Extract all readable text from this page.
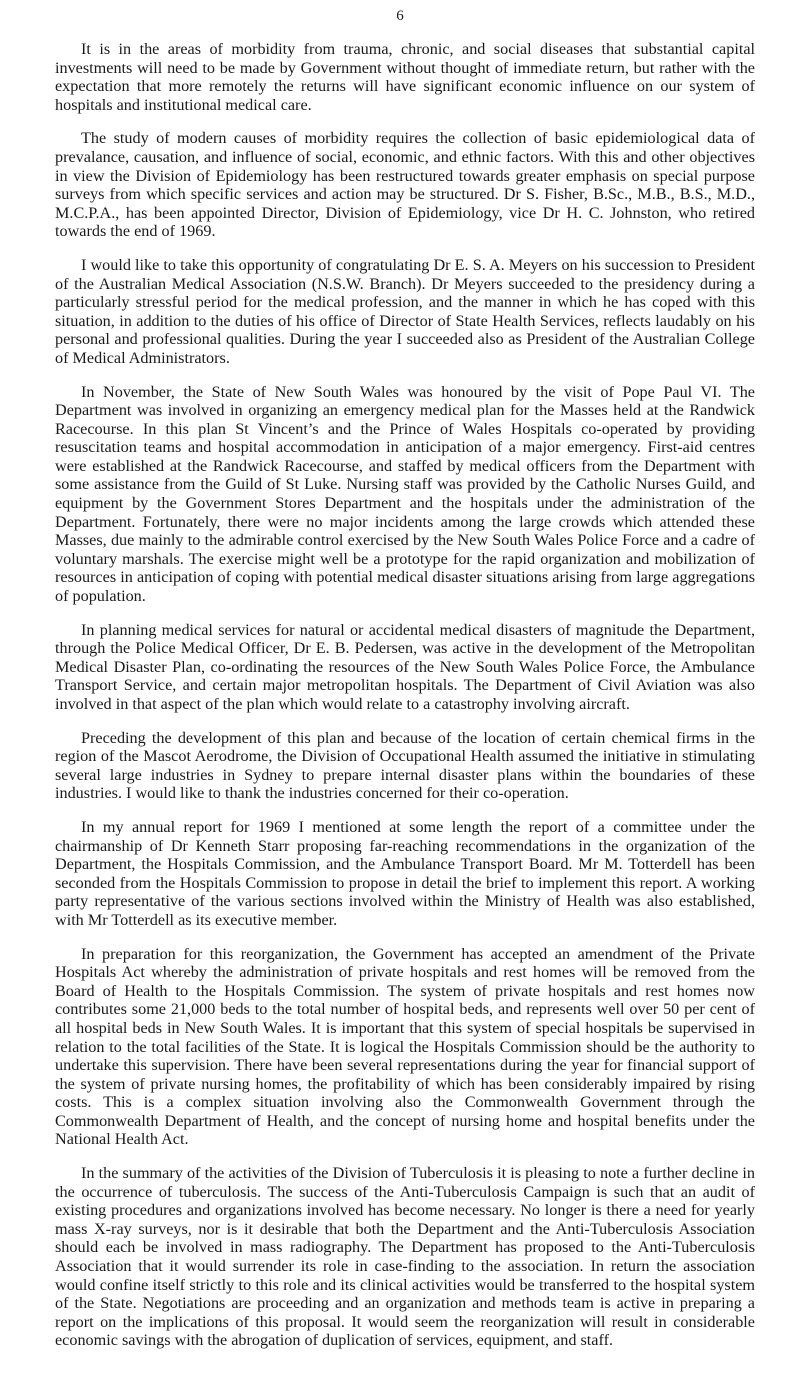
6

It is in the areas of morbidity from trauma, chronic, and social diseases that substantial capital investments will need to be made by Government without thought of immediate return, but rather with the expectation that more remotely the returns will have significant economic influence on our system of hospitals and institutional medical care.

The study of modern causes of morbidity requires the collection of basic epidemiological data of prevalance, causation, and influence of social, economic, and ethnic factors. With this and other objectives in view the Division of Epidemiology has been restructured towards greater emphasis on special purpose surveys from which specific services and action may be structured. Dr S. Fisher, B.Sc., M.B., B.S., M.D., M.C.P.A., has been appointed Director, Division of Epidemiology, vice Dr H. C. Johnston, who retired towards the end of 1969.

I would like to take this opportunity of congratulating Dr E. S. A. Meyers on his succession to President of the Australian Medical Association (N.S.W. Branch). Dr Meyers succeeded to the presidency during a particularly stressful period for the medical profession, and the manner in which he has coped with this situation, in addition to the duties of his office of Director of State Health Services, reflects laudably on his personal and professional qualities. During the year I succeeded also as President of the Australian College of Medical Administrators.

In November, the State of New South Wales was honoured by the visit of Pope Paul VI. The Department was involved in organizing an emergency medical plan for the Masses held at the Randwick Racecourse. In this plan St Vincent’s and the Prince of Wales Hospitals co-operated by providing resuscitation teams and hospital accommodation in anticipation of a major emergency. First-aid centres were established at the Randwick Racecourse, and staffed by medical officers from the Department with some assistance from the Guild of St Luke. Nursing staff was provided by the Catholic Nurses Guild, and equipment by the Government Stores Department and the hospitals under the administration of the Department. Fortunately, there were no major incidents among the large crowds which attended these Masses, due mainly to the admirable control exercised by the New South Wales Police Force and a cadre of voluntary marshals. The exercise might well be a prototype for the rapid organization and mobilization of resources in anticipation of coping with potential medical disaster situations arising from large aggregations of population.

In planning medical services for natural or accidental medical disasters of magnitude the Department, through the Police Medical Officer, Dr E. B. Pedersen, was active in the development of the Metropolitan Medical Disaster Plan, co-ordinating the resources of the New South Wales Police Force, the Ambulance Transport Service, and certain major metropolitan hospitals. The Department of Civil Aviation was also involved in that aspect of the plan which would relate to a catastrophy involving aircraft.

Preceding the development of this plan and because of the location of certain chemical firms in the region of the Mascot Aerodrome, the Division of Occupational Health assumed the initiative in stimulating several large industries in Sydney to prepare internal disaster plans within the boundaries of these industries. I would like to thank the industries concerned for their co-operation.

In my annual report for 1969 I mentioned at some length the report of a committee under the chairmanship of Dr Kenneth Starr proposing far-reaching recommendations in the organization of the Department, the Hospitals Commission, and the Ambulance Transport Board. Mr M. Totterdell has been seconded from the Hospitals Commission to propose in detail the brief to implement this report. A working party representative of the various sections involved within the Ministry of Health was also established, with Mr Totterdell as its executive member.

In preparation for this reorganization, the Government has accepted an amendment of the Private Hospitals Act whereby the administration of private hospitals and rest homes will be removed from the Board of Health to the Hospitals Commission. The system of private hospitals and rest homes now contributes some 21,000 beds to the total number of hospital beds, and represents well over 50 per cent of all hospital beds in New South Wales. It is important that this system of special hospitals be supervised in relation to the total facilities of the State. It is logical the Hospitals Commission should be the authority to undertake this supervision. There have been several representations during the year for financial support of the system of private nursing homes, the profitability of which has been considerably impaired by rising costs. This is a complex situation involving also the Commonwealth Government through the Commonwealth Department of Health, and the concept of nursing home and hospital benefits under the National Health Act.

In the summary of the activities of the Division of Tuberculosis it is pleasing to note a further decline in the occurrence of tuberculosis. The success of the Anti-Tuberculosis Campaign is such that an audit of existing procedures and organizations involved has become necessary. No longer is there a need for yearly mass X-ray surveys, nor is it desirable that both the Department and the Anti-Tuberculosis Association should each be involved in mass radiography. The Department has proposed to the Anti-Tuberculosis Association that it would surrender its role in case-finding to the association. In return the association would confine itself strictly to this role and its clinical activities would be transferred to the hospital system of the State. Negotiations are proceeding and an organization and methods team is active in preparing a report on the implications of this proposal. It would seem the reorganization will result in considerable economic savings with the abrogation of duplication of services, equipment, and staff.
